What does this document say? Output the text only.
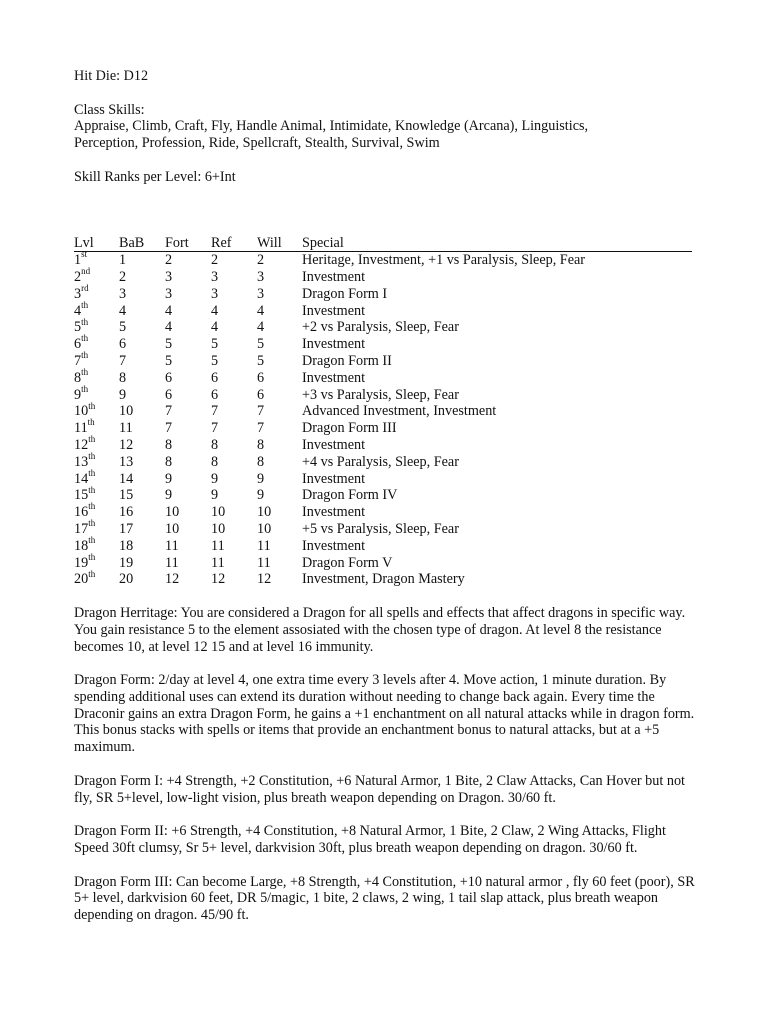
Hit Die: D12

Class Skills:

Appraise, Climb, Craft, Fly, Handle Animal, Intimidate, Knowledge (Arcana), Linguistics, Perception, Profession, Ride, Spellcraft, Stealth, Survival, Swim

Skill Ranks per Level: 6+Int

Lvl	BaB	Fort	Ref	Will	Special
1st	1	2	2	2	Heritage, Investment, +1 vs Paralysis, Sleep, Fear
2nd	2	3	3	3	Investment
3rd	3	3	3	3	Dragon Form I
4th	4	4	4	4	Investment
5th	5	4	4	4	+2 vs Paralysis, Sleep, Fear
6th	6	5	5	5	Investment
7th	7	5	5	5	Dragon Form II
8th	8	6	6	6	Investment
9th	9	6	6	6	+3 vs Paralysis, Sleep, Fear
10th	10	7	7	7	Advanced Investment, Investment
11th	11	7	7	7	Dragon Form III
12th	12	8	8	8	Investment
13th	13	8	8	8	+4 vs Paralysis, Sleep, Fear
14th	14	9	9	9	Investment
15th	15	9	9	9	Dragon Form IV
16th	16	10	10	10	Investment
17th	17	10	10	10	+5 vs Paralysis, Sleep, Fear
18th	18	11	11	11	Investment
19th	19	11	11	11	Dragon Form V
20th	20	12	12	12	Investment, Dragon Mastery

Dragon Herritage: You are considered a Dragon for all spells and effects that affect dragons in specific way. You gain resistance 5 to the element assosiated with the chosen type of dragon. At level 8 the resistance becomes 10, at level 12 15 and at level 16 immunity.

Dragon Form: 2/day at level 4, one extra time every 3 levels after 4. Move action, 1 minute duration. By spending additional uses can extend its duration without needing to change back again. Every time the Draconir gains an extra Dragon Form, he gains a +1 enchantment on all natural attacks while in dragon form. This bonus stacks with spells or items that provide an enchantment bonus to natural attacks, but at a +5 maximum.

Dragon Form I: +4 Strength, +2 Constitution, +6 Natural Armor, 1 Bite, 2 Claw Attacks, Can Hover but not fly, SR 5+level, low-light vision, plus breath weapon depending on Dragon. 30/60 ft.

Dragon Form II: +6 Strength, +4 Constitution, +8 Natural Armor, 1 Bite, 2 Claw, 2 Wing Attacks, Flight Speed 30ft clumsy, Sr 5+ level, darkvision 30ft, plus breath weapon depending on dragon. 30/60 ft.

Dragon Form III: Can become Large, +8 Strength, +4 Constitution, +10 natural armor , fly 60 feet (poor), SR 5+ level, darkvision 60 feet, DR 5/magic, 1 bite, 2 claws, 2 wing, 1 tail slap attack, plus breath weapon depending on dragon. 45/90 ft.
